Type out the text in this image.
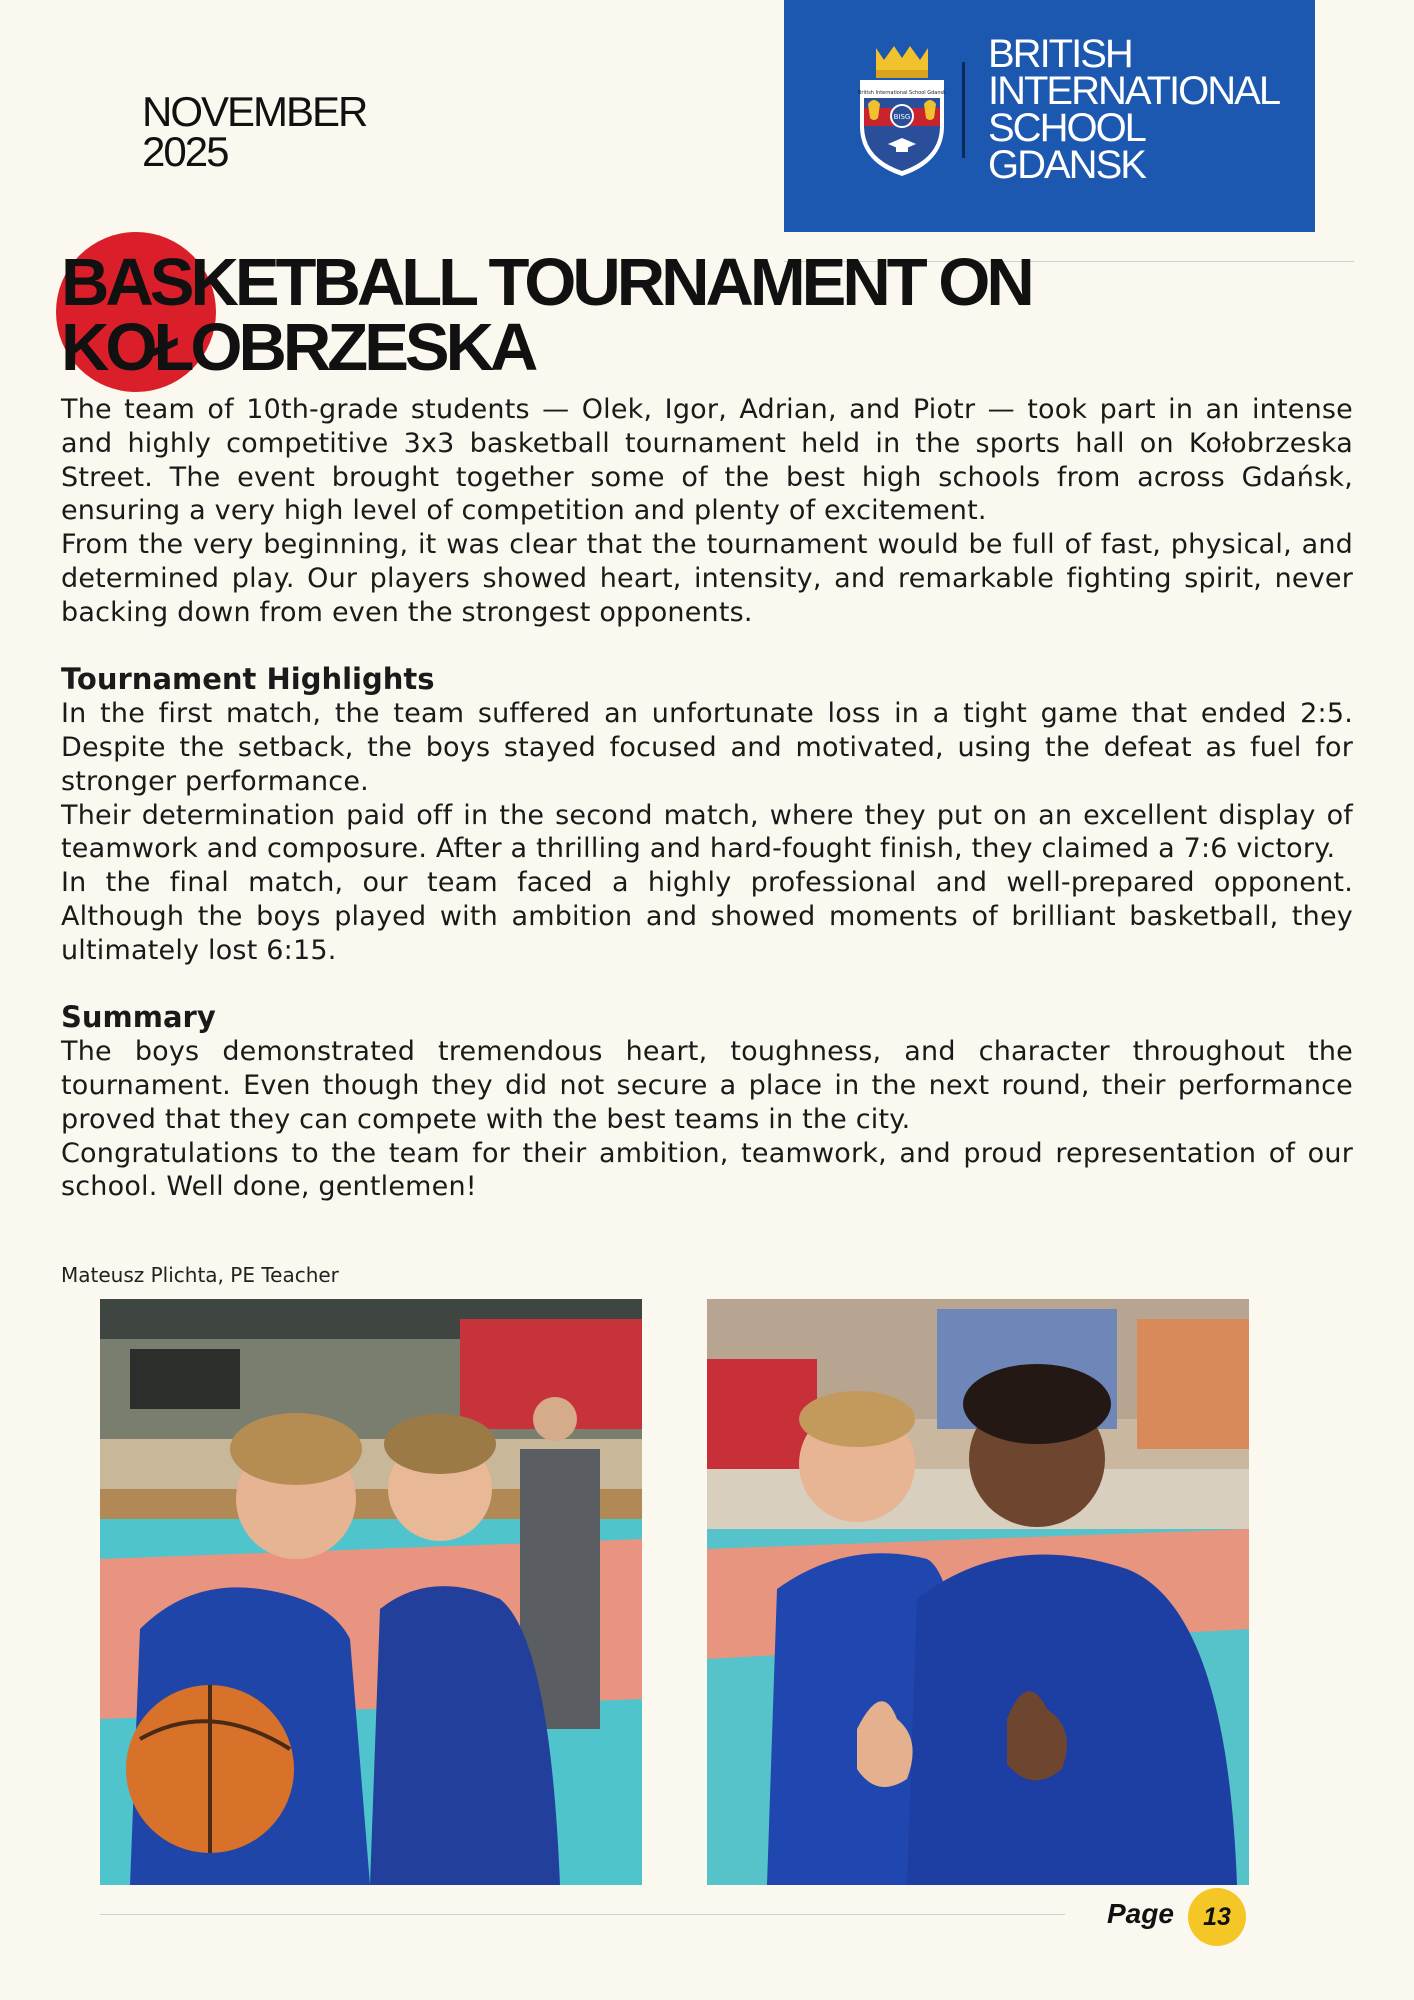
NOVEMBER
2025
British International School Gdansk
BISG
BRITISH
INTERNATIONAL
SCHOOL
GDANSK
BASKETBALL TOURNAMENT ON
KOŁOBRZESKA

The team of 10th-grade students — Olek, Igor, Adrian, and Piotr — took part in an intense and highly competitive 3x3 basketball tournament held in the sports hall on Kołobrzeska Street. The event brought together some of the best high schools from across Gdańsk, ensuring a very high level of competition and plenty of excitement.

From the very beginning, it was clear that the tournament would be full of fast, physical, and determined play. Our players showed heart, intensity, and remarkable fighting spirit, never backing down from even the strongest opponents.

Tournament Highlights

In the first match, the team suffered an unfortunate loss in a tight game that ended 2:5. Despite the setback, the boys stayed focused and motivated, using the defeat as fuel for stronger performance.

Their determination paid off in the second match, where they put on an excellent display of teamwork and composure. After a thrilling and hard-fought finish, they claimed a 7:6 victory.

In the final match, our team faced a highly professional and well-prepared opponent. Although the boys played with ambition and showed moments of brilliant basketball, they ultimately lost 6:15.

Summary

The boys demonstrated tremendous heart, toughness, and character throughout the tournament. Even though they did not secure a place in the next round, their performance proved that they can compete with the best teams in the city.

Congratulations to the team for their ambition, teamwork, and proud representation of our school. Well done, gentlemen!

Mateusz Plichta, PE Teacher
Page	13
